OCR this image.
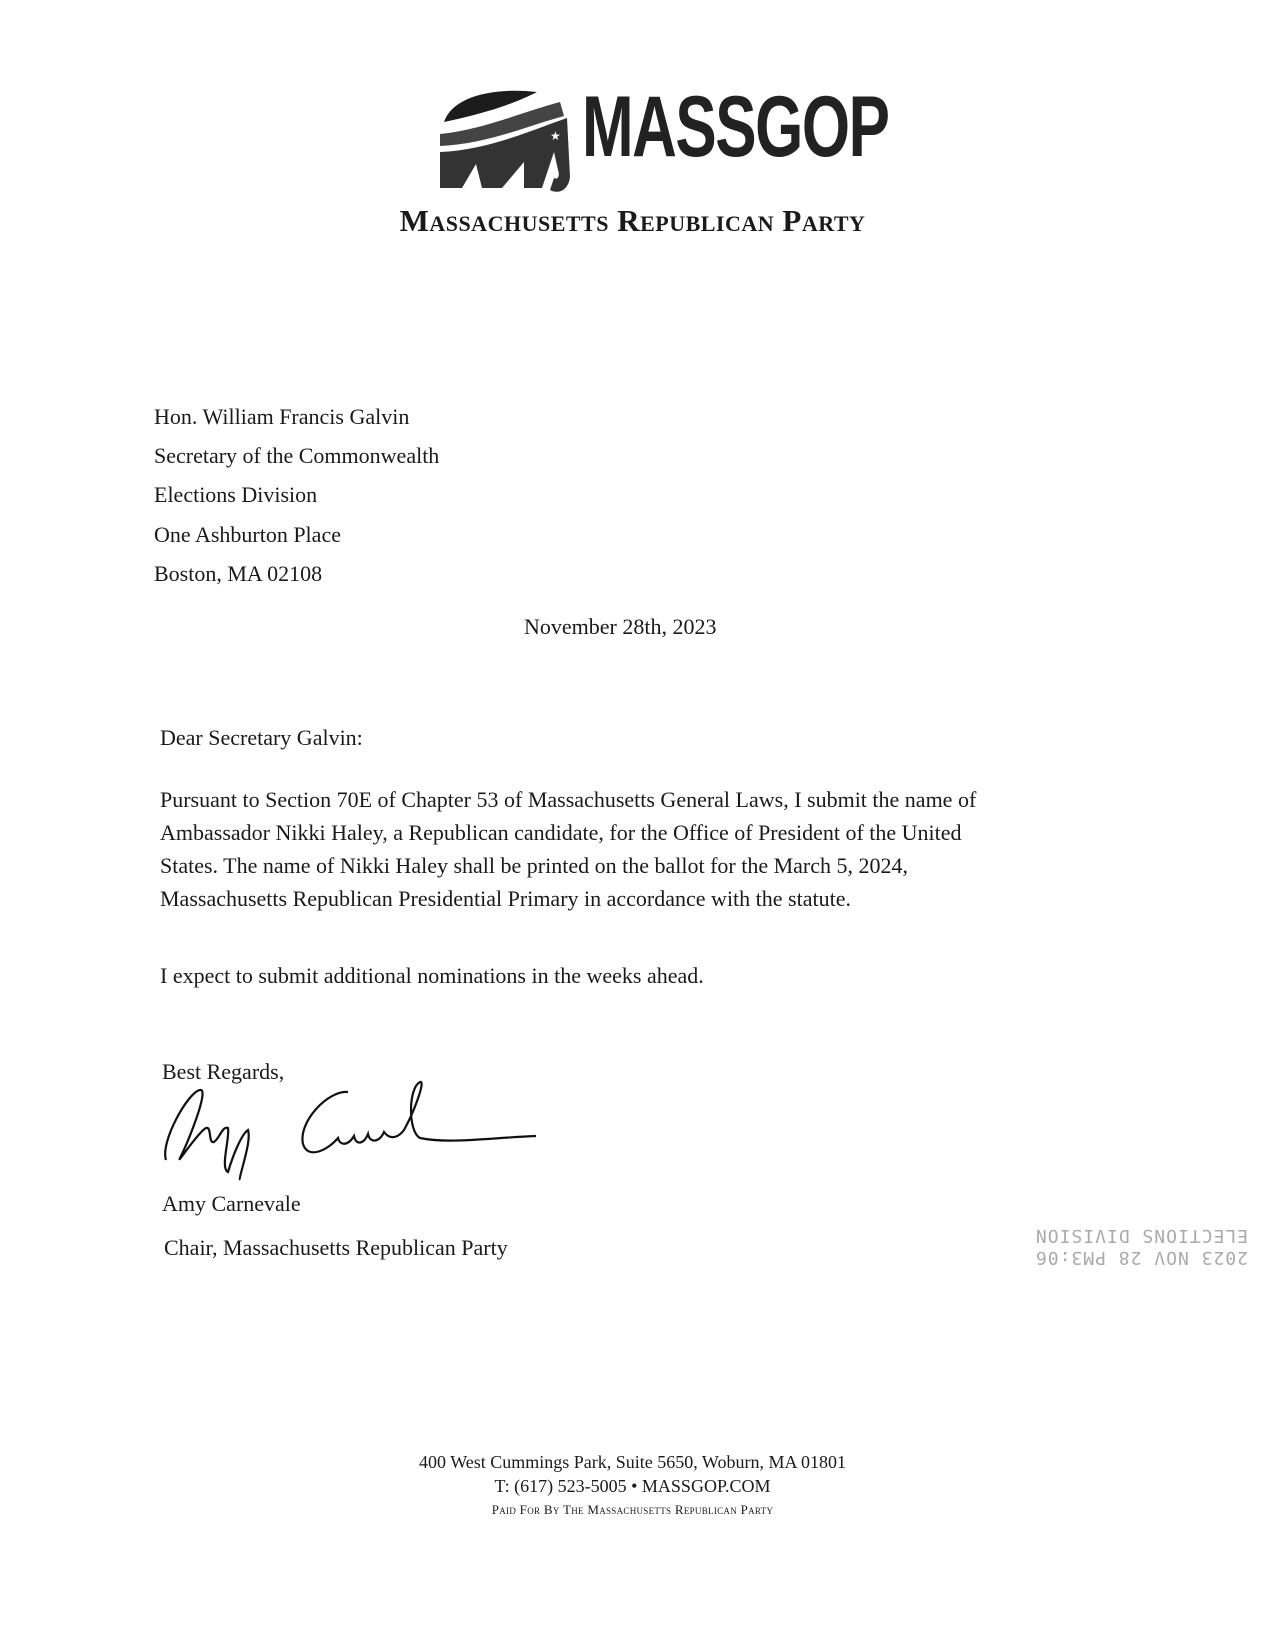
★ MASSGOP
Massachusetts Republican Party
Hon. William Francis Galvin
Secretary of the Commonwealth
Elections Division
One Ashburton Place
Boston, MA 02108
November 28th, 2023
Dear Secretary Galvin:
Pursuant to Section 70E of Chapter 53 of Massachusetts General Laws, I submit the name of
Ambassador Nikki Haley, a Republican candidate, for the Office of President of the United
States. The name of Nikki Haley shall be printed on the ballot for the March 5, 2024,
Massachusetts Republican Presidential Primary in accordance with the statute.
I expect to submit additional nominations in the weeks ahead.
Best Regards,
Amy Carnevale
Chair, Massachusetts Republican Party	2023 NOV 28 PM3:06
ELECTIONS DIVISION
400 West Cummings Park, Suite 5650, Woburn, MA 01801
T: (617) 523-5005 • MASSGOP.COM
Paid For By The Massachusetts Republican Party
